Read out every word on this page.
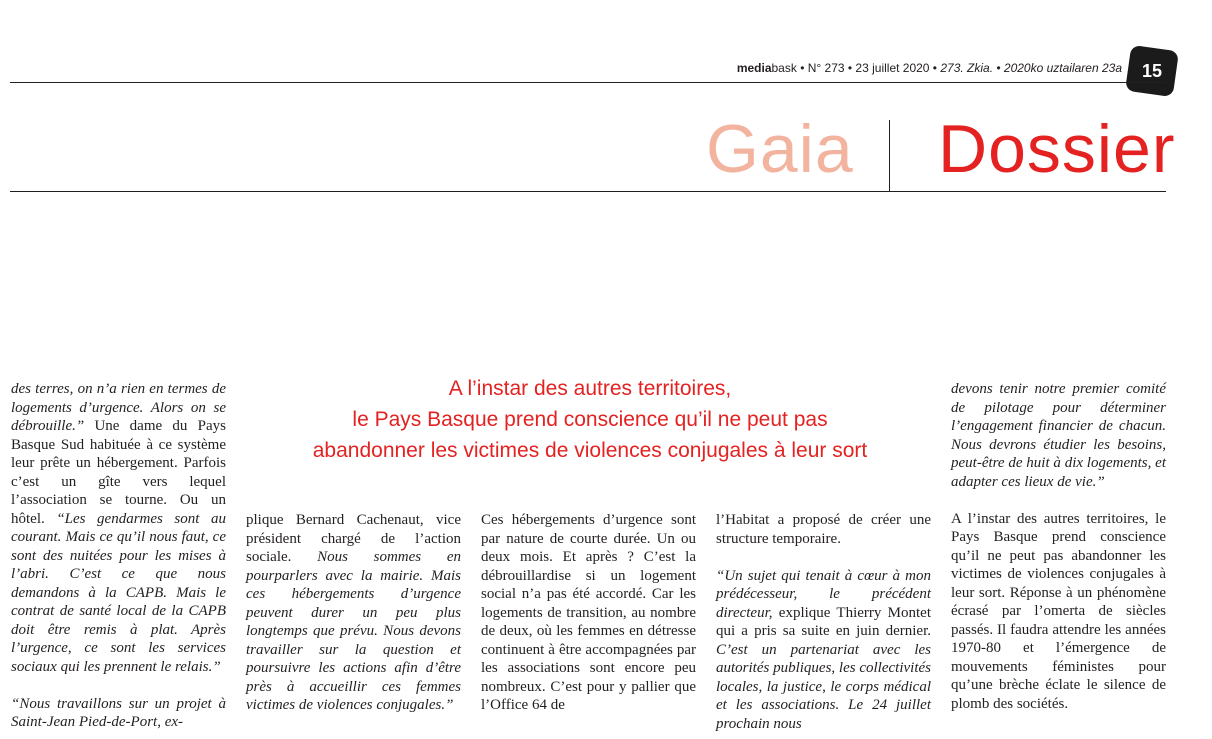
mediabask • N° 273 • 23 juillet 2020 • 273. Zkia. • 2020ko uztailaren 23a	15
Gaia Dossier
A l’instar des autres territoires,
le Pays Basque prend conscience qu’il ne peut pas
abandonner les victimes de violences conjugales à leur sort

des terres, on n’a rien en termes de logements d’urgence. Alors on se débrouille.” Une dame du Pays Basque Sud habituée à ce système leur prête un hébergement. Parfois c’est un gîte vers lequel l’association se tourne. Ou un hôtel. “Les gendarmes sont au courant. Mais ce qu’il nous faut, ce sont des nuitées pour les mises à l’abri. C’est ce que nous demandons à la CAPB. Mais le contrat de santé local de la CAPB doit être remis à plat. Après l’urgence, ce sont les services sociaux qui les prennent le relais.”

“Nous travaillons sur un projet à Saint-Jean Pied-de-Port, ex-

plique Bernard Cachenaut, vice président chargé de l’action sociale. Nous sommes en pourparlers avec la mairie. Mais ces hébergements d’urgence peuvent durer un peu plus longtemps que prévu. Nous devons travailler sur la question et poursuivre les actions afin d’être près à accueillir ces femmes victimes de violences conjugales.”

Ces hébergements d’urgence sont par nature de courte durée. Un ou deux mois. Et après ? C’est la débrouillardise si un logement social n’a pas été accordé. Car les logements de transition, au nombre de deux, où les femmes en détresse continuent à être accompagnées par les associations sont encore peu nombreux. C’est pour y pallier que l’Office 64 de

l’Habitat a proposé de créer une structure temporaire.

“Un sujet qui tenait à cœur à mon prédécesseur, le précédent directeur, explique Thierry Montet qui a pris sa suite en juin dernier. C’est un partenariat avec les autorités publiques, les collectivités locales, la justice, le corps médical et les associations. Le 24 juillet prochain nous

devons tenir notre premier comité de pilotage pour déterminer l’engagement financier de chacun. Nous devrons étudier les besoins, peut-être de huit à dix logements, et adapter ces lieux de vie.”

A l’instar des autres territoires, le Pays Basque prend conscience qu’il ne peut pas abandonner les victimes de violences conjugales à leur sort. Réponse à un phénomène écrasé par l’omerta de siècles passés. Il faudra attendre les années 1970-80 et l’émergence de mouvements féministes pour qu’une brèche éclate le silence de plomb des sociétés.
